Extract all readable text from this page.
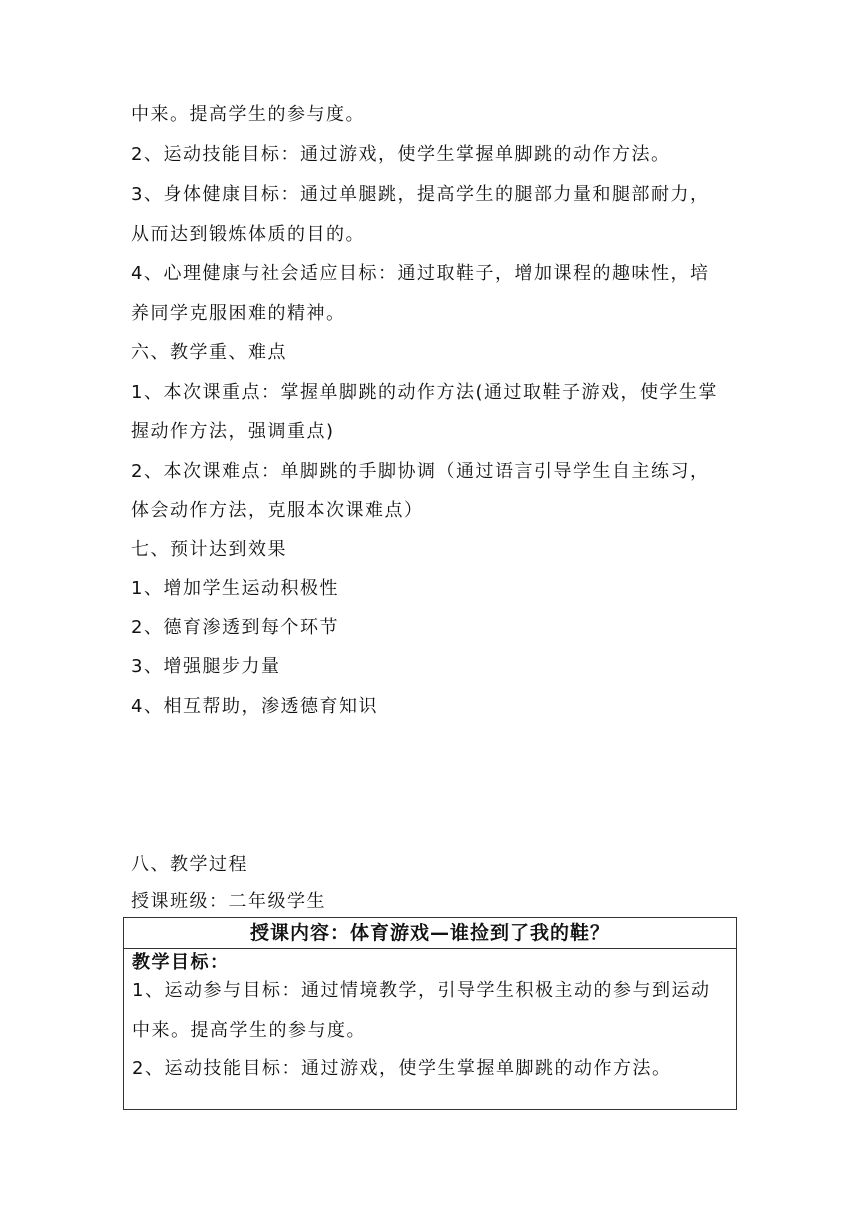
中来。提高学生的参与度。
2、运动技能目标：通过游戏，使学生掌握单脚跳的动作方法。
3、身体健康目标：通过单腿跳，提高学生的腿部力量和腿部耐力，
从而达到锻炼体质的目的。
4、心理健康与社会适应目标：通过取鞋子，增加课程的趣味性，培
养同学克服困难的精神。
六、教学重、难点
1、本次课重点：掌握单脚跳的动作方法(通过取鞋子游戏，使学生掌
握动作方法，强调重点)
2、本次课难点：单脚跳的手脚协调（通过语言引导学生自主练习，
体会动作方法，克服本次课难点）
七、预计达到效果
1、增加学生运动积极性
2、德育渗透到每个环节
3、增强腿步力量
4、相互帮助，渗透德育知识
八、教学过程
授课班级：二年级学生
授课内容：体育游戏—谁捡到了我的鞋？
教学目标：
1、运动参与目标：通过情境教学，引导学生积极主动的参与到运动
中来。提高学生的参与度。
2、运动技能目标：通过游戏，使学生掌握单脚跳的动作方法。
